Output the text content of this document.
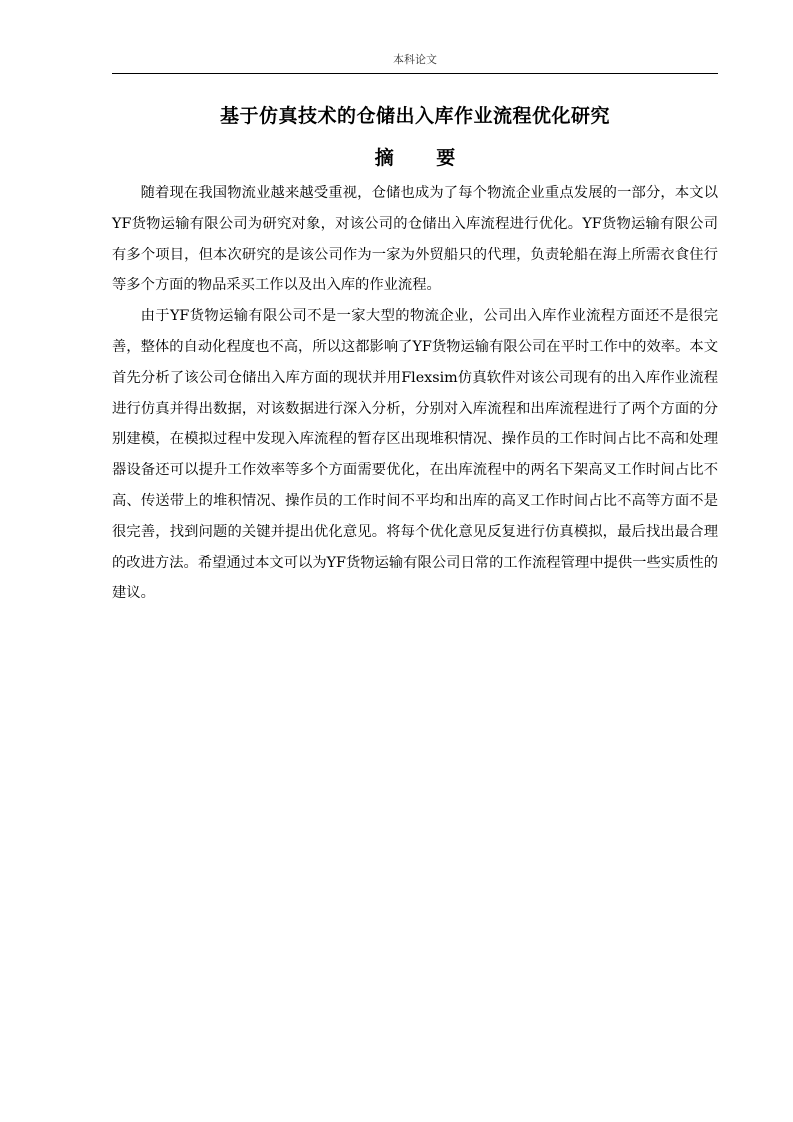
本科论文
基于仿真技术的仓储出入库作业流程优化研究
摘 要

随着现在我国物流业越来越受重视，仓储也成为了每个物流企业重点发展的一部分，本文以YF货物运输有限公司为研究对象，对该公司的仓储出入库流程进行优化。YF货物运输有限公司有多个项目，但本次研究的是该公司作为一家为外贸船只的代理，负责轮船在海上所需衣食住行等多个方面的物品采买工作以及出入库的作业流程。

由于YF货物运输有限公司不是一家大型的物流企业，公司出入库作业流程方面还不是很完善，整体的自动化程度也不高，所以这都影响了YF货物运输有限公司在平时工作中的效率。本文首先分析了该公司仓储出入库方面的现状并用Flexsim仿真软件对该公司现有的出入库作业流程进行仿真并得出数据，对该数据进行深入分析，分别对入库流程和出库流程进行了两个方面的分别建模，在模拟过程中发现入库流程的暂存区出现堆积情况、操作员的工作时间占比不高和处理器设备还可以提升工作效率等多个方面需要优化，在出库流程中的两名下架高叉工作时间占比不高、传送带上的堆积情况、操作员的工作时间不平均和出库的高叉工作时间占比不高等方面不是很完善，找到问题的关键并提出优化意见。将每个优化意见反复进行仿真模拟，最后找出最合理的改进方法。希望通过本文可以为YF货物运输有限公司日常的工作流程管理中提供一些实质性的建议。
